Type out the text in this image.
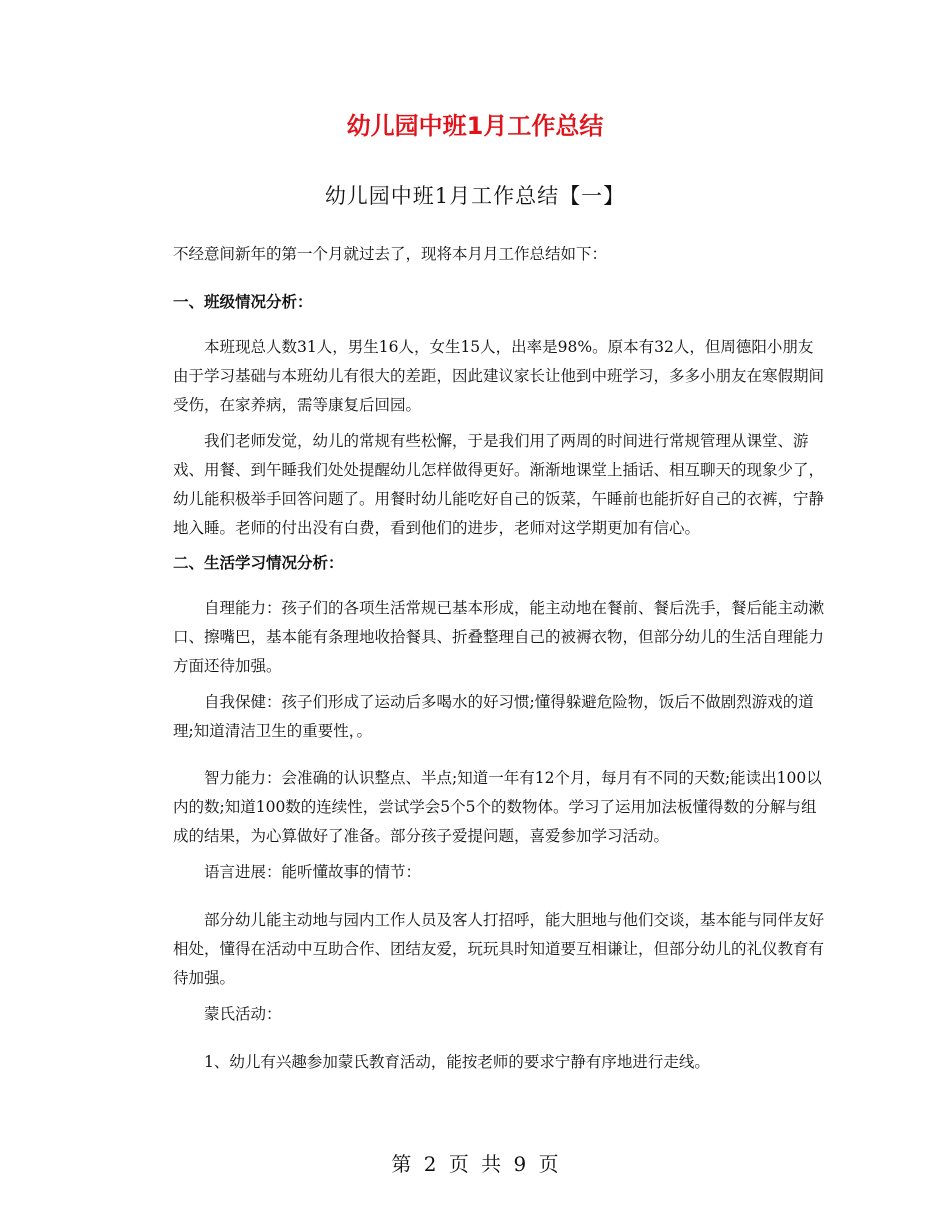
幼儿园中班1月工作总结
幼儿园中班1月工作总结【一】
不经意间新年的第一个月就过去了，现将本月月工作总结如下：
一、班级情况分析：
本班现总人数31人，男生16人，女生15人，出率是98%。原本有32人，但周德阳小朋友由于学习基础与本班幼儿有很大的差距，因此建议家长让他到中班学习，多多小朋友在寒假期间受伤，在家养病，需等康复后回园。
我们老师发觉，幼儿的常规有些松懈，于是我们用了两周的时间进行常规管理从课堂、游戏、用餐、到午睡我们处处提醒幼儿怎样做得更好。渐渐地课堂上插话、相互聊天的现象少了，幼儿能积极举手回答问题了。用餐时幼儿能吃好自己的饭菜，午睡前也能折好自己的衣裤，宁静地入睡。老师的付出没有白费，看到他们的进步，老师对这学期更加有信心。
二、生活学习情况分析：
自理能力：孩子们的各项生活常规已基本形成，能主动地在餐前、餐后洗手，餐后能主动漱口、擦嘴巴，基本能有条理地收拾餐具、折叠整理自己的被褥衣物，但部分幼儿的生活自理能力方面还待加强。
自我保健：孩子们形成了运动后多喝水的好习惯;懂得躲避危险物，饭后不做剧烈游戏的道理;知道清洁卫生的重要性，。
智力能力：会准确的认识整点、半点;知道一年有12个月，每月有不同的天数;能读出100以内的数;知道100数的连续性，尝试学会5个5个的数物体。学习了运用加法板懂得数的分解与组成的结果，为心算做好了准备。部分孩子爱提问题，喜爱参加学习活动。
语言进展：能听懂故事的情节：
部分幼儿能主动地与园内工作人员及客人打招呼，能大胆地与他们交谈，基本能与同伴友好相处，懂得在活动中互助合作、团结友爱，玩玩具时知道要互相谦让，但部分幼儿的礼仪教育有待加强。
蒙氏活动：
1、幼儿有兴趣参加蒙氏教育活动，能按老师的要求宁静有序地进行走线。
第 2 页 共 9 页
